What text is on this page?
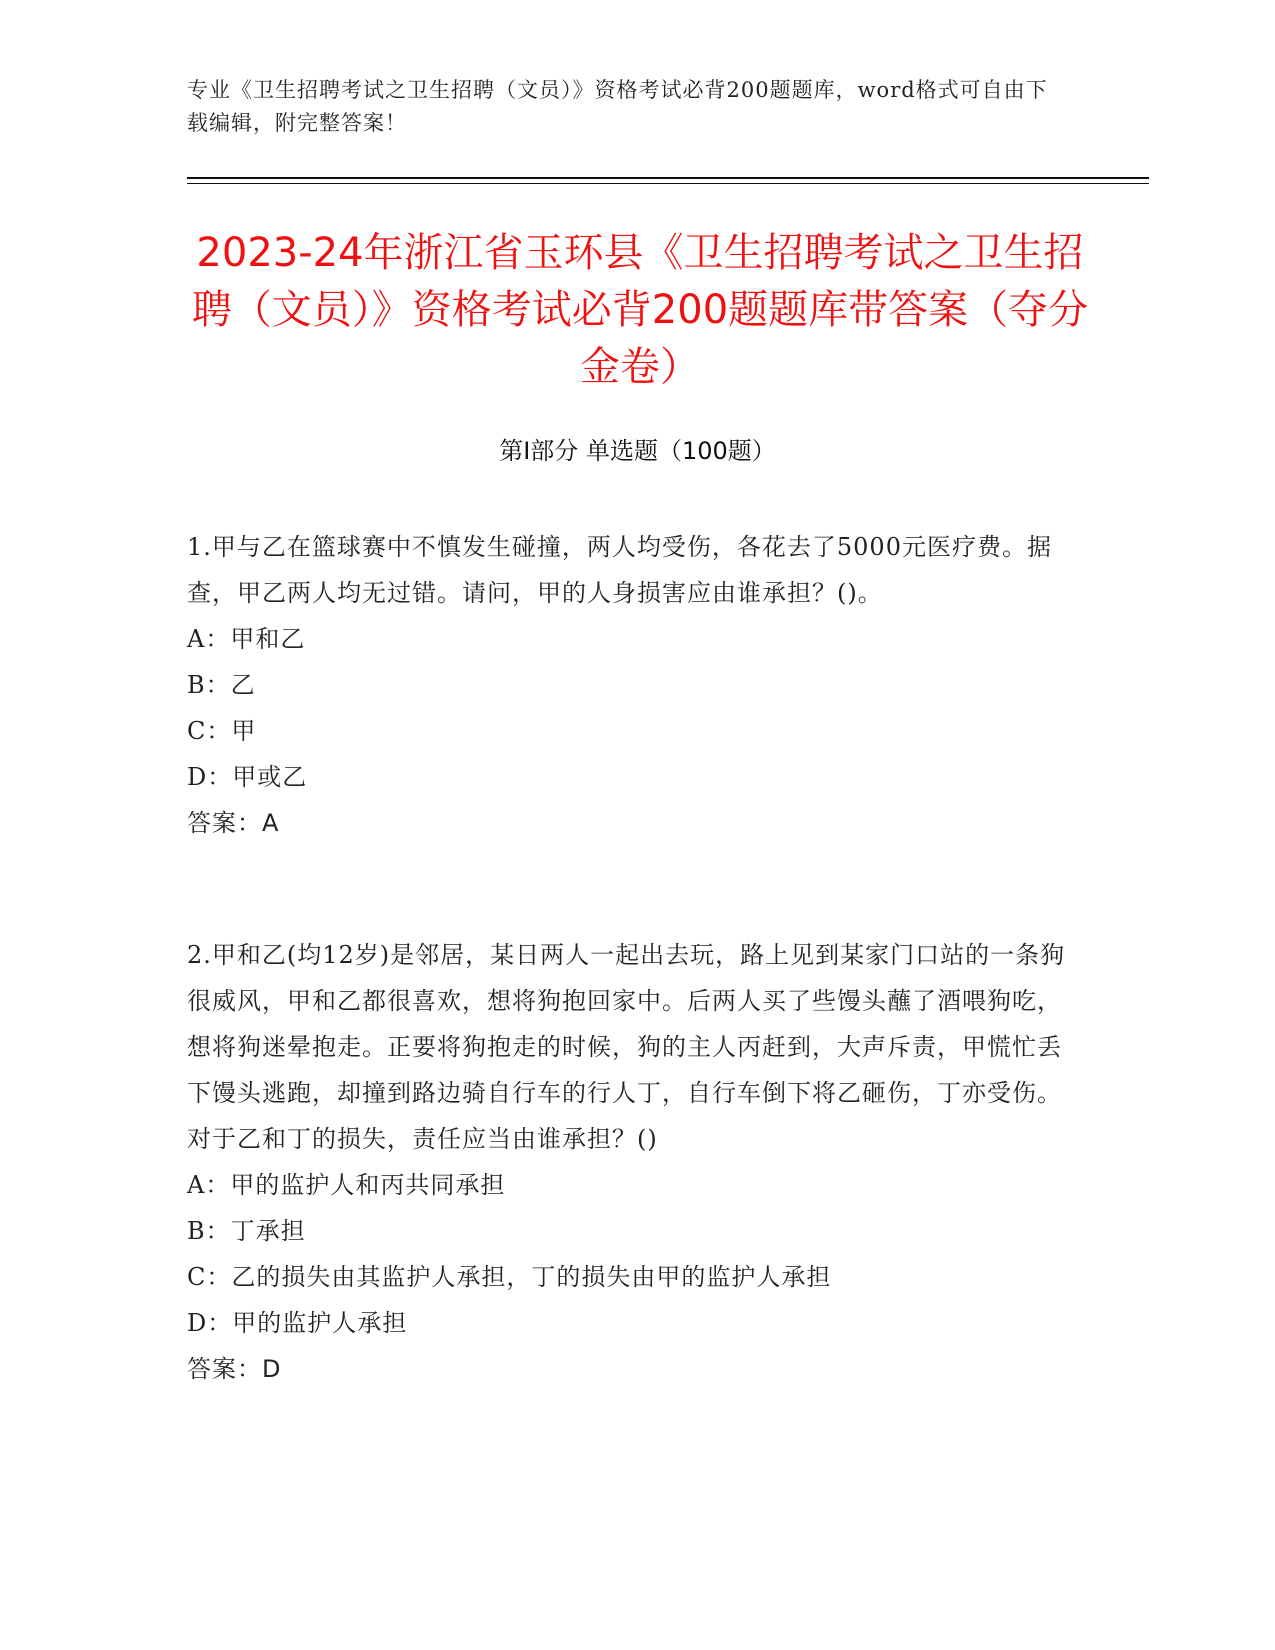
专业《卫生招聘考试之卫生招聘（文员）》资格考试必背200题题库，word格式可自由下载编辑，附完整答案！
2023-24年浙江省玉环县《卫生招聘考试之卫生招聘（文员）》资格考试必背200题题库带答案（夺分金卷）
第Ⅰ部分 单选题（100题）

1.甲与乙在篮球赛中不慎发生碰撞，两人均受伤，各花去了5000元医疗费。据查，甲乙两人均无过错。请问，甲的人身损害应由谁承担？()。

A：甲和乙

B：乙

C：甲

D：甲或乙

答案：A

2.甲和乙(均12岁)是邻居，某日两人一起出去玩，路上见到某家门口站的一条狗很威风，甲和乙都很喜欢，想将狗抱回家中。后两人买了些馒头蘸了酒喂狗吃，想将狗迷晕抱走。正要将狗抱走的时候，狗的主人丙赶到，大声斥责，甲慌忙丢下馒头逃跑，却撞到路边骑自行车的行人丁，自行车倒下将乙砸伤，丁亦受伤。对于乙和丁的损失，责任应当由谁承担？()

A：甲的监护人和丙共同承担

B：丁承担

C：乙的损失由其监护人承担，丁的损失由甲的监护人承担

D：甲的监护人承担

答案：D
